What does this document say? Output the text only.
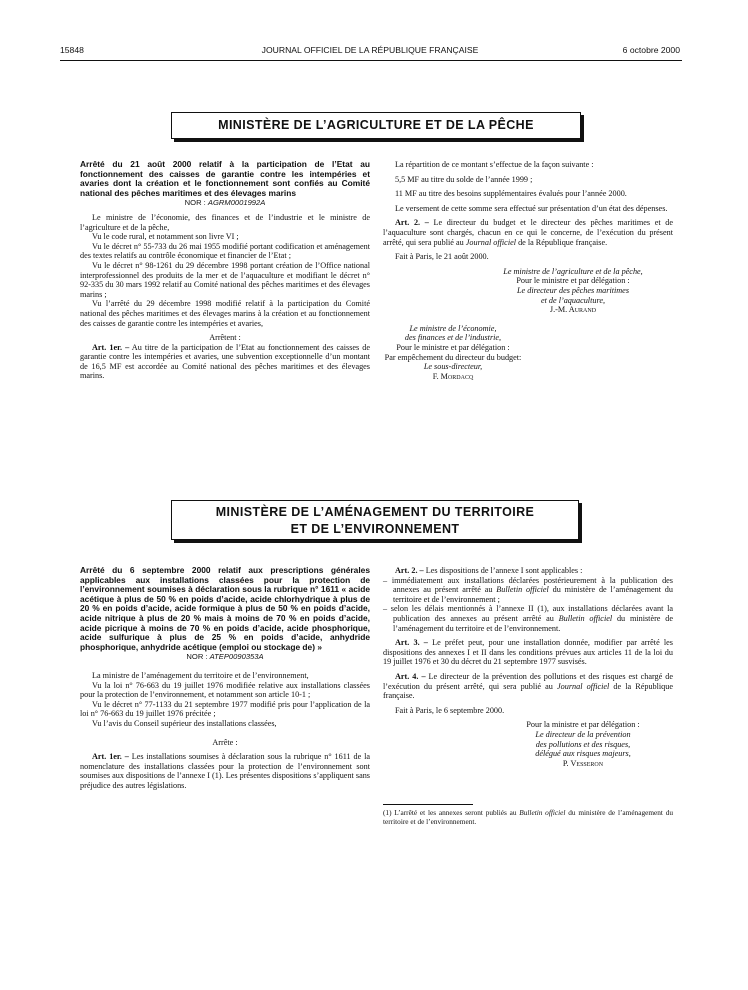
15848	JOURNAL OFFICIEL DE LA RÉPUBLIQUE FRANÇAISE	6 octobre 2000
MINISTÈRE DE L’AGRICULTURE ET DE LA PÊCHE

Arrêté du 21 août 2000 relatif à la participation de l’Etat au fonctionnement des caisses de garantie contre les intempéries et avaries dont la création et le fonctionnement sont confiés au Comité national des pêches maritimes et des élevages marins

NOR : AGRM0001992A

Le ministre de l’économie, des finances et de l’industrie et le ministre de l’agriculture et de la pêche,

Vu le code rural, et notamment son livre VI ;

Vu le décret n° 55-733 du 26 mai 1955 modifié portant codification et aménagement des textes relatifs au contrôle économique et financier de l’Etat ;

Vu le décret n° 98-1261 du 29 décembre 1998 portant création de l’Office national interprofessionnel des produits de la mer et de l’aquaculture et modifiant le décret n° 92-335 du 30 mars 1992 relatif au Comité national des pêches maritimes et des élevages marins ;

Vu l’arrêté du 29 décembre 1998 modifié relatif à la participation du Comité national des pêches maritimes et des élevages marins à la création et au fonctionnement des caisses de garantie contre les intempéries et avaries,

Arrêtent :

Art. 1er. – Au titre de la participation de l’Etat au fonctionnement des caisses de garantie contre les intempéries et avaries, une subvention exceptionnelle d’un montant de 16,5 MF est accordée au Comité national des pêches maritimes et des élevages marins.

La répartition de ce montant s’effectue de la façon suivante :

5,5 MF au titre du solde de l’année 1999 ;

11 MF au titre des besoins supplémentaires évalués pour l’année 2000.

Le versement de cette somme sera effectué sur présentation d’un état des dépenses.

Art. 2. – Le directeur du budget et le directeur des pêches maritimes et de l’aquaculture sont chargés, chacun en ce qui le concerne, de l’exécution du présent arrêté, qui sera publié au Journal officiel de la République française.

Fait à Paris, le 21 août 2000.

Le ministre de l’agriculture et de la pêche,
Pour le ministre et par délégation :
Le directeur des pêches maritimes
et de l’aquaculture,
J.-M. Aurand
Le ministre de l’économie,
des finances et de l’industrie,
Pour le ministre et par délégation :
Par empêchement du directeur du budget:
Le sous-directeur,
F. Mordacq
MINISTÈRE DE L’AMÉNAGEMENT DU TERRITOIRE
ET DE L’ENVIRONNEMENT

Arrêté du 6 septembre 2000 relatif aux prescriptions générales applicables aux installations classées pour la protection de l’environnement soumises à déclaration sous la rubrique n° 1611 « acide acétique à plus de 50 % en poids d’acide, acide chlorhydrique à plus de 20 % en poids d’acide, acide formique à plus de 50 % en poids d’acide, acide nitrique à plus de 20 % mais à moins de 70 % en poids d’acide, acide picrique à moins de 70 % en poids d’acide, acide phosphorique, acide sulfurique à plus de 25 % en poids d’acide, anhydride phosphorique, anhydride acétique (emploi ou stockage de) »

NOR : ATEP0090353A

La ministre de l’aménagement du territoire et de l’environnement,

Vu la loi n° 76-663 du 19 juillet 1976 modifiée relative aux installations classées pour la protection de l’environnement, et notamment son article 10-1 ;

Vu le décret n° 77-1133 du 21 septembre 1977 modifié pris pour l’application de la loi n° 76-663 du 19 juillet 1976 précitée ;

Vu l’avis du Conseil supérieur des installations classées,

Arrête :

Art. 1er. – Les installations soumises à déclaration sous la rubrique n° 1611 de la nomenclature des installations classées pour la protection de l’environnement sont soumises aux dispositions de l’annexe I (1). Les présentes dispositions s’appliquent sans préjudice des autres législations.

Art. 2. – Les dispositions de l’annexe I sont applicables :

– immédiatement aux installations déclarées postérieurement à la publication des annexes au présent arrêté au Bulletin officiel du ministère de l’aménagement du territoire et de l’environnement ;

– selon les délais mentionnés à l’annexe II (1), aux installations déclarées avant la publication des annexes au présent arrêté au Bulletin officiel du ministère de l’aménagement du territoire et de l’environnement.

Art. 3. – Le préfet peut, pour une installation donnée, modifier par arrêté les dispositions des annexes I et II dans les conditions prévues aux articles 11 de la loi du 19 juillet 1976 et 30 du décret du 21 septembre 1977 susvisés.

Art. 4. – Le directeur de la prévention des pollutions et des risques est chargé de l’exécution du présent arrêté, qui sera publié au Journal officiel de la République française.

Fait à Paris, le 6 septembre 2000.

Pour la ministre et par délégation :
Le directeur de la prévention
des pollutions et des risques,
délégué aux risques majeurs,
P. Vesseron

(1) L’arrêté et les annexes seront publiés au Bulletin officiel du ministère de l’aménagement du territoire et de l’environnement.
